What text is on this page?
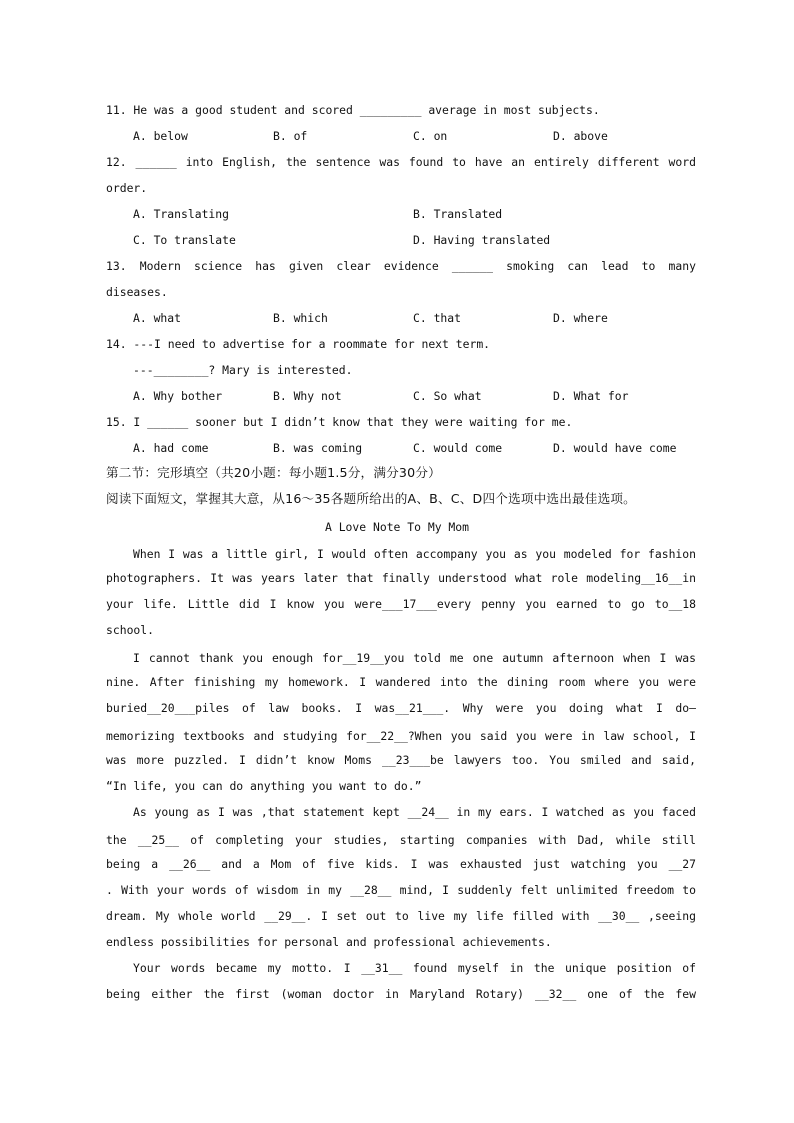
11. He was a good student and scored _________ average in most subjects.
A. below	B. of	C. on	D. above
12. ______ into English, the sentence was found to have an entirely different word
order.
A. Translating	B. Translated
C. To translate	D. Having translated
13. Modern science has given clear evidence ______ smoking can lead to many
diseases.
A. what	B. which	C. that	D. where
14. ---I need to advertise for a roommate for next term.
---________? Mary is interested.
A. Why bother	B. Why not	C. So what	D. What for
15. I ______ sooner but I didn’t know that they were waiting for me.
A. had come	B. was coming	C. would come	D. would have come
第二节：完形填空（共20小题：每小题1.5分，满分30分）
阅读下面短文，掌握其大意，从16～35各题所给出的A、B、C、D四个选项中选出最佳选项。
A Love Note To My Mom
When I was a little girl, I would often accompany you as you modeled for fashion
photographers. It was years later that finally understood what role modeling__16__in
your life. Little did I know you were___17___every penny you earned to go to__18
school.
I cannot thank you enough for__19__you told me one autumn afternoon when I was
nine. After finishing my homework. I wandered into the dining room where you were
buried__20___piles of law books. I was__21___. Why were you doing what I do—
memorizing textbooks and studying for__22__?When you said you were in law school, I
was more puzzled. I didn’t know Moms __23___be lawyers too. You smiled and said,
“In life, you can do anything you want to do.”
As young as I was ,that statement kept __24__ in my ears. I watched as you faced
the __25__ of completing your studies, starting companies with Dad, while still
being a __26__ and a Mom of five kids. I was exhausted just watching you __27
. With your words of wisdom in my __28__ mind, I suddenly felt unlimited freedom to
dream. My whole world __29__. I set out to live my life filled with __30__ ,seeing
endless possibilities for personal and professional achievements.
Your words became my motto. I __31__ found myself in the unique position of
being either the first (woman doctor in Maryland Rotary) __32__ one of the few
